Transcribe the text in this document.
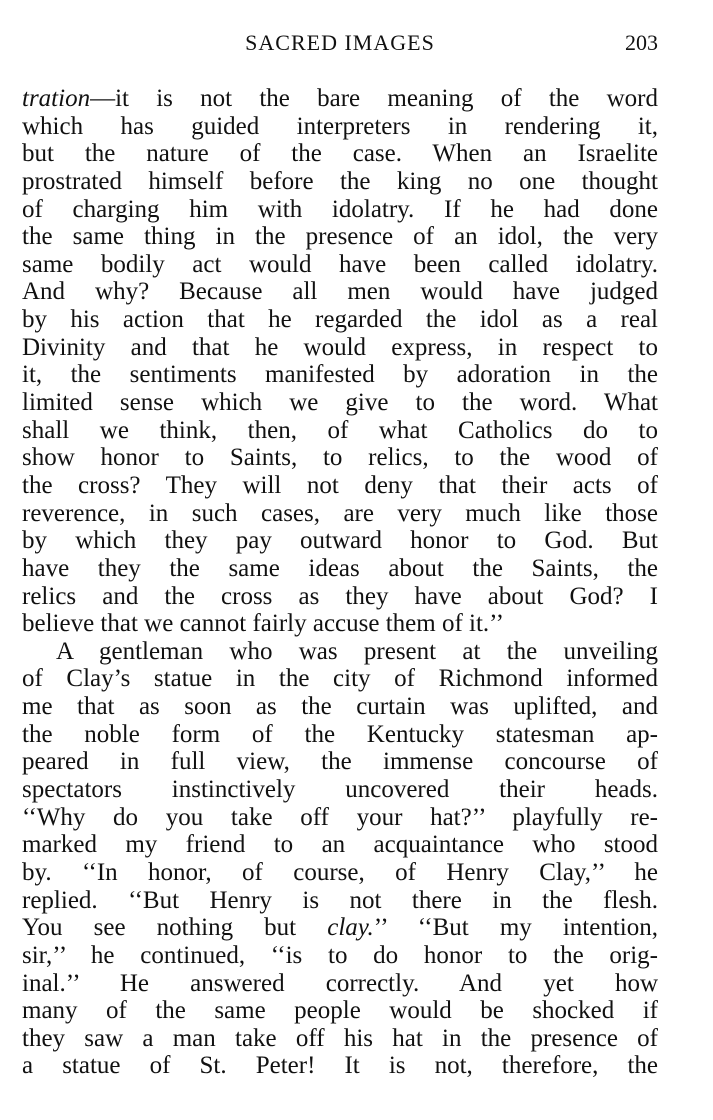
SACRED IMAGES	203
tration—it is not the bare meaning of the word
which has guided interpreters in rendering it,
but the nature of the case. When an Israelite
prostrated himself before the king no one thought
of charging him with idolatry. If he had done
the same thing in the presence of an idol, the very
same bodily act would have been called idolatry.
And why? Because all men would have judged
by his action that he regarded the idol as a real
Divinity and that he would express, in respect to
it, the sentiments manifested by adoration in the
limited sense which we give to the word. What
shall we think, then, of what Catholics do to
show honor to Saints, to relics, to the wood of
the cross? They will not deny that their acts of
reverence, in such cases, are very much like those
by which they pay outward honor to God. But
have they the same ideas about the Saints, the
relics and the cross as they have about God? I
believe that we cannot fairly accuse them of it.’’
A gentleman who was present at the unveiling
of Clay’s statue in the city of Richmond informed
me that as soon as the curtain was uplifted, and
the noble form of the Kentucky statesman ap-
peared in full view, the immense concourse of
spectators instinctively uncovered their heads.
‘‘Why do you take off your hat?’’ playfully re-
marked my friend to an acquaintance who stood
by. ‘‘In honor, of course, of Henry Clay,’’ he
replied. ‘‘But Henry is not there in the flesh.
You see nothing but clay.’’ ‘‘But my intention,
sir,’’ he continued, ‘‘is to do honor to the orig-
inal.’’ He answered correctly. And yet how
many of the same people would be shocked if
they saw a man take off his hat in the presence of
a statue of St. Peter! It is not, therefore, the
